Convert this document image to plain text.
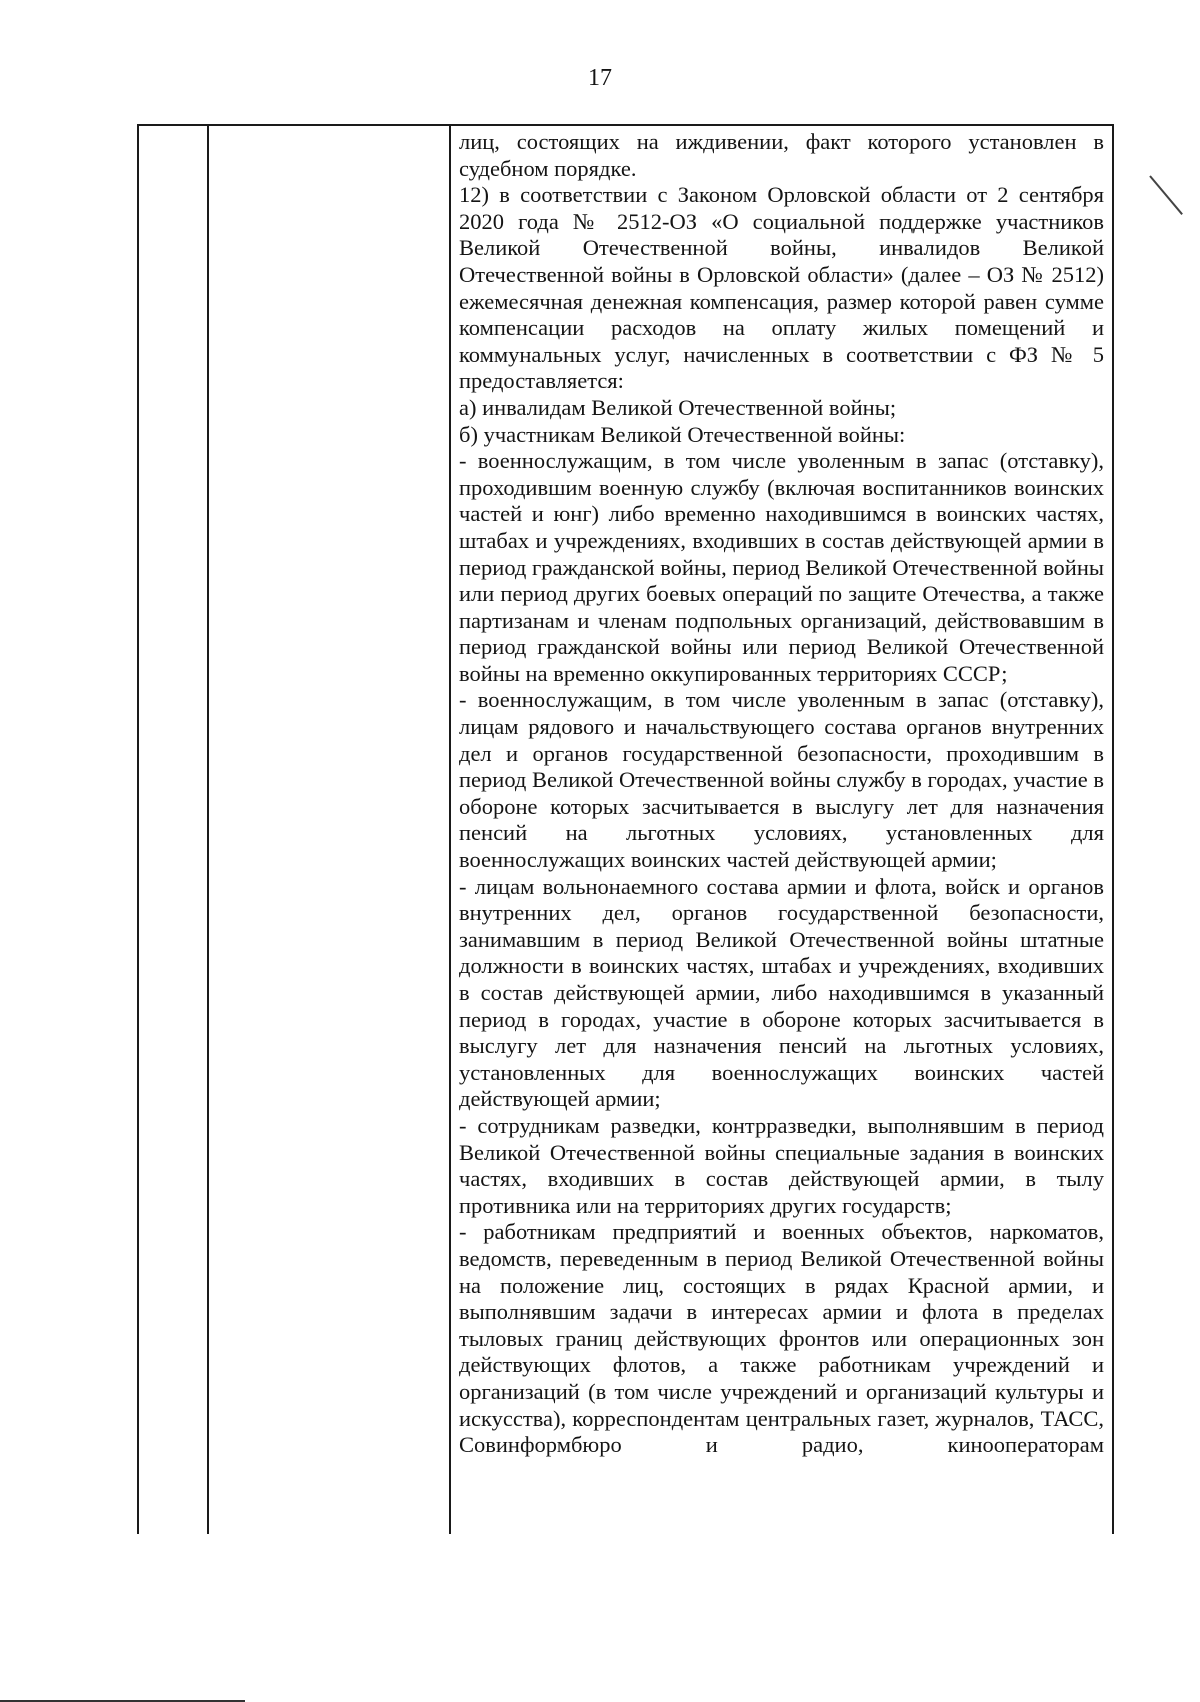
17

лиц, состоящих на иждивении, факт которого установлен в судебном порядке.

12) в соответствии с Законом Орловской области от 2 сентября 2020 года № 2512-ОЗ «О социальной поддержке участников Великой Отечественной войны, инвалидов Великой Отечественной войны в Орловской области» (далее – ОЗ № 2512) ежемесячная денежная компенсация, размер которой равен сумме компенсации расходов на оплату жилых помещений и коммунальных услуг, начисленных в соответствии с ФЗ № 5 предоставляется:

а) инвалидам Великой Отечественной войны;

б) участникам Великой Отечественной войны:

- военнослужащим, в том числе уволенным в запас (отставку), проходившим военную службу (включая воспитанников воинских частей и юнг) либо временно находившимся в воинских частях, штабах и учреждениях, входивших в состав действующей армии в период гражданской войны, период Великой Отечественной войны или период других боевых операций по защите Отечества, а также партизанам и членам подпольных организаций, действовавшим в период гражданской войны или период Великой Отечественной войны на временно оккупированных территориях СССР;

- военнослужащим, в том числе уволенным в запас (отставку), лицам рядового и начальствующего состава органов внутренних дел и органов государственной безопасности, проходившим в период Великой Отечественной войны службу в городах, участие в обороне которых засчитывается в выслугу лет для назначения пенсий на льготных условиях, установленных для военнослужащих воинских частей действующей армии;

- лицам вольнонаемного состава армии и флота, войск и органов внутренних дел, органов государственной безопасности, занимавшим в период Великой Отечественной войны штатные должности в воинских частях, штабах и учреждениях, входивших в состав действующей армии, либо находившимся в указанный период в городах, участие в обороне которых засчитывается в выслугу лет для назначения пенсий на льготных условиях, установленных для военнослужащих воинских частей действующей армии;

- сотрудникам разведки, контрразведки, выполнявшим в период Великой Отечественной войны специальные задания в воинских частях, входивших в состав действующей армии, в тылу противника или на территориях других государств;

- работникам предприятий и военных объектов, наркоматов, ведомств, переведенным в период Великой Отечественной войны на положение лиц, состоящих в рядах Красной армии, и выполнявшим задачи в интересах армии и флота в пределах тыловых границ действующих фронтов или операционных зон действующих флотов, а также работникам учреждений и организаций (в том числе учреждений и организаций культуры и искусства), корреспондентам центральных газет, журналов, ТАСС, Совинформбюро и радио, кинооператорам
